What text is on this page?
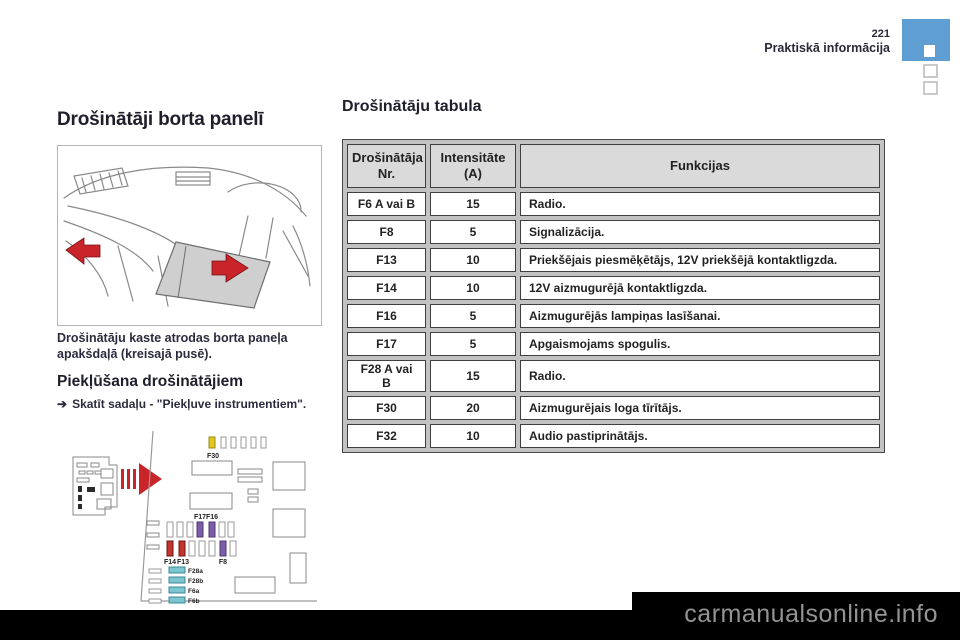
221
Praktiskā informācija
Drošinātāji borta panelī

Drošinātāju kaste atrodas borta paneļa apakšdaļā (kreisajā pusē).

Piekļūšana drošinātājiem

➔ Skatīt sadaļu - "Piekļuve instrumentiem".

F30
F17 F16
F14 F13	F8
F28a
F28b
F6a
F6b
Drošinātāju tabula
Drošinātāja Nr.	Intensitāte (A)	Funkcijas
F6 A vai B	15	Radio.
F8	5	Signalizācija.
F13	10	Priekšējais piesmēķētājs, 12V priekšējā kontaktligzda.
F14	10	12V aizmugurējā kontaktligzda.
F16	5	Aizmugurējās lampiņas lasīšanai.
F17	5	Apgaismojams spogulis.
F28 A vai B	15	Radio.
F30	20	Aizmugurējais loga tīrītājs.
F32	10	Audio pastiprinātājs.
carmanualsonline.info
